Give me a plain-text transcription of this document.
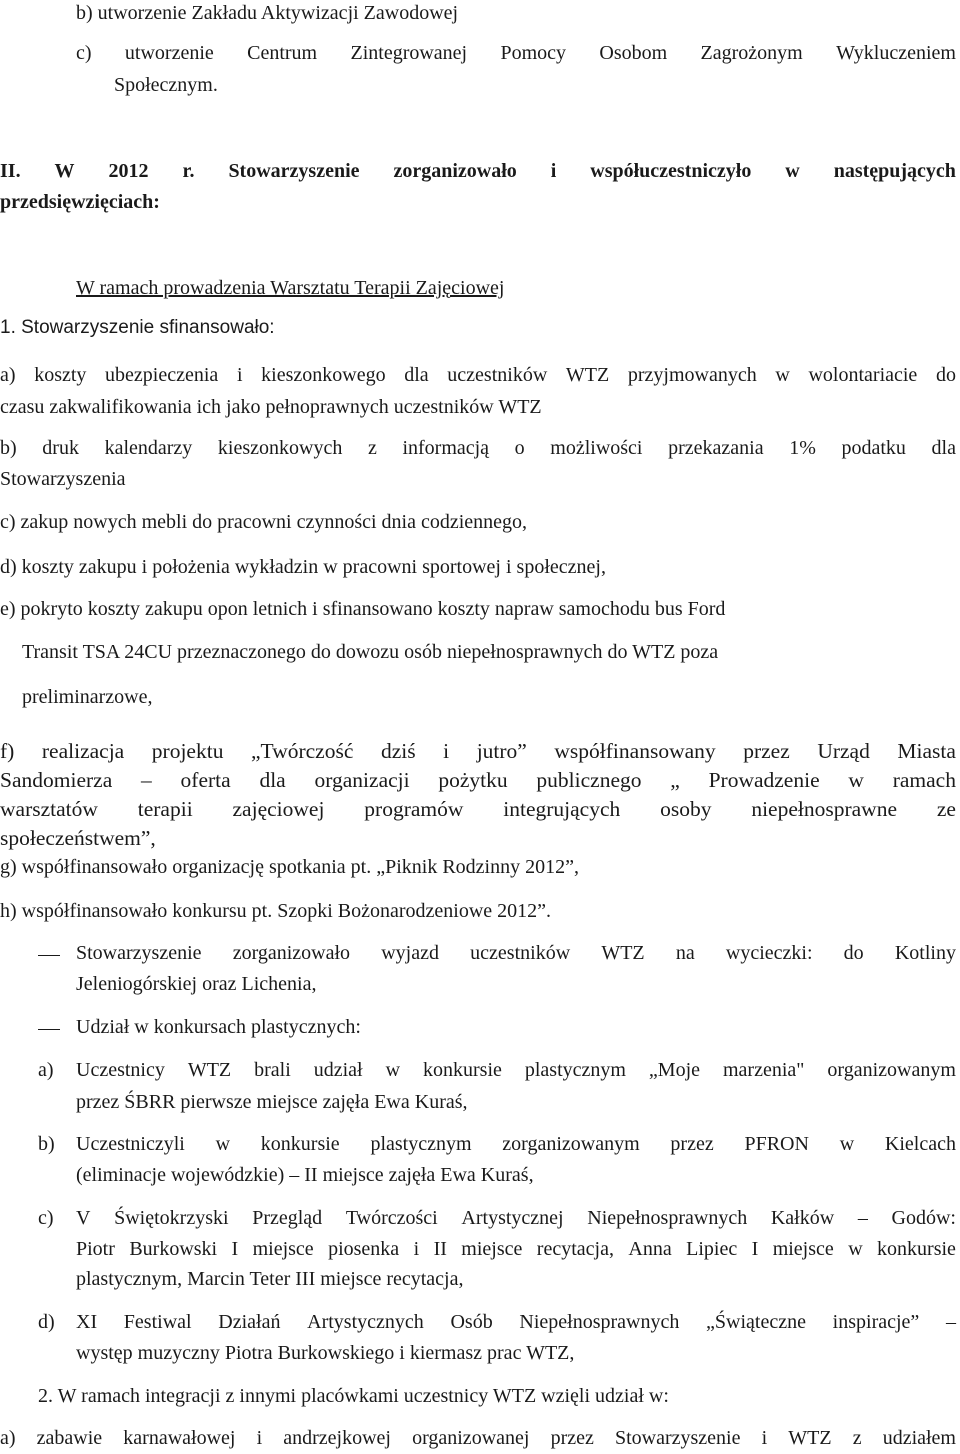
b) utworzenie Zakładu Aktywizacji Zawodowej
c) utworzenie Centrum Zintegrowanej Pomocy Osobom Zagrożonym Wykluczeniem
Społecznym.
II. W 2012 r. Stowarzyszenie zorganizowało i współuczestniczyło w następujących
przedsięwzięciach:
W ramach prowadzenia Warsztatu Terapii Zajęciowej
1. Stowarzyszenie sfinansowało:
a) koszty ubezpieczenia i kieszonkowego dla uczestników WTZ przyjmowanych w wolontariacie do
czasu zakwalifikowania ich jako pełnoprawnych uczestników WTZ
b) druk kalendarzy kieszonkowych z informacją o możliwości przekazania 1% podatku dla
Stowarzyszenia
c) zakup nowych mebli do pracowni czynności dnia codziennego,
d) koszty zakupu i położenia wykładzin w pracowni sportowej i społecznej,
e) pokryto koszty zakupu opon letnich i sfinansowano koszty napraw samochodu bus Ford
Transit TSA 24CU przeznaczonego do dowozu osób niepełnosprawnych do WTZ poza
preliminarzowe,
f) realizacja projektu „Twórczość dziś i jutro” współfinansowany przez Urząd Miasta
Sandomierza – oferta dla organizacji pożytku publicznego „ Prowadzenie w ramach
warsztatów terapii zajęciowej programów integrujących osoby niepełnosprawne ze
społeczeństwem”,
g) współfinansowało organizację spotkania pt. „Piknik Rodzinny 2012”,
h) współfinansowało konkursu pt. Szopki Bożonarodzeniowe 2012”.
Stowarzyszenie zorganizowało wyjazd uczestników WTZ na wycieczki: do Kotliny
Jeleniogórskiej oraz Lichenia,
Udział w konkursach plastycznych:
a) Uczestnicy WTZ brali udział w konkursie plastycznym „Moje marzenia" organizowanym
przez ŚBRR pierwsze miejsce zajęła Ewa Kuraś,
b) Uczestniczyli w konkursie plastycznym zorganizowanym przez PFRON w Kielcach
(eliminacje wojewódzkie) – II miejsce zajęła Ewa Kuraś,
c) V Świętokrzyski Przegląd Twórczości Artystycznej Niepełnosprawnych Kałków – Godów:
Piotr Burkowski I miejsce piosenka i II miejsce recytacja, Anna Lipiec I miejsce w konkursie
plastycznym, Marcin Teter III miejsce recytacja,
d) XI Festiwal Działań Artystycznych Osób Niepełnosprawnych „Świąteczne inspiracje” –
występ muzyczny Piotra Burkowskiego i kiermasz prac WTZ,
2. W ramach integracji z innymi placówkami uczestnicy WTZ wzięli udział w:
a) zabawie karnawałowej i andrzejkowej organizowanej przez Stowarzyszenie i WTZ z udziałem
